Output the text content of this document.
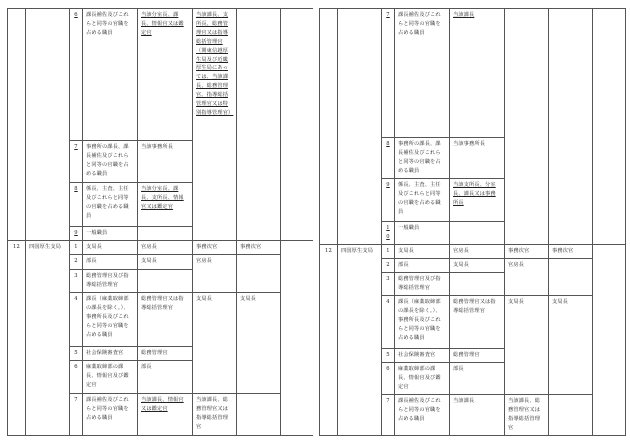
		6	課長補佐及びこれらと同等の官職を占める職員	当該分室長、課長、情報官又は鑑定官	当該課長、支所長、総務管理官又は指導総括管理官（関東信越厚生局及び近畿厚生局にあっては、当該課長、総務管理官、指導総括管理官又は特別指導管理官）		
		7	事務所の課長、課長補佐及びこれらと同等の官職を占める職員	当該事務所長			
		8	係長、主査、主任及びこれらと同等の官職を占める職員	当該分室長、課長、支所長、情報官又は鑑定官			
		9	一般職員				
12	四国厚生支局	1	支局長	官房長	事務次官	事務次官	
		2	部長	支局長	官房長		
		3	総務管理官及び指導総括管理官				
		4	課長（麻薬取締部の課長を除く。）、事務所長及びこれらと同等の官職を占める職員	総務管理官又は指導総括管理官	支局長	支局長	
		5	社会保険審査官	総務管理官			
		6	麻薬取締部の課長、情報官及び鑑定官	部長			
		7	課長補佐及びこれらと同等の官職を占める職員	当該課長、情報官又は鑑定官	当該課長、総務管理官又は指導総括管理官		
		7	課長補佐及びこれらと同等の官職を占める職員	当該課長			
		8	事務所の課長、課長補佐及びこれらと同等の官職を占める職員	当該事務所長			
		9	係長、主査、主任及びこれらと同等の官職を占める職員	当該支所長、分室長、課長又は事務所長			
		10	一般職員				
12	四国厚生支局	1	支局長	官房長	事務次官	事務次官	
		2	部長	支局長	官房長		
		3	総務管理官及び指導総括管理官				
		4	課長（麻薬取締部の課長を除く。）、事務所長及びこれらと同等の官職を占める職員	総務管理官又は指導総括管理官	支局長	支局長	
		5	社会保険審査官	総務管理官			
		6	麻薬取締部の課長、情報官及び鑑定官	部長			
		7	課長補佐及びこれらと同等の官職を占める職員	当該課長	当該課長、総務管理官又は指導総括管理官		
